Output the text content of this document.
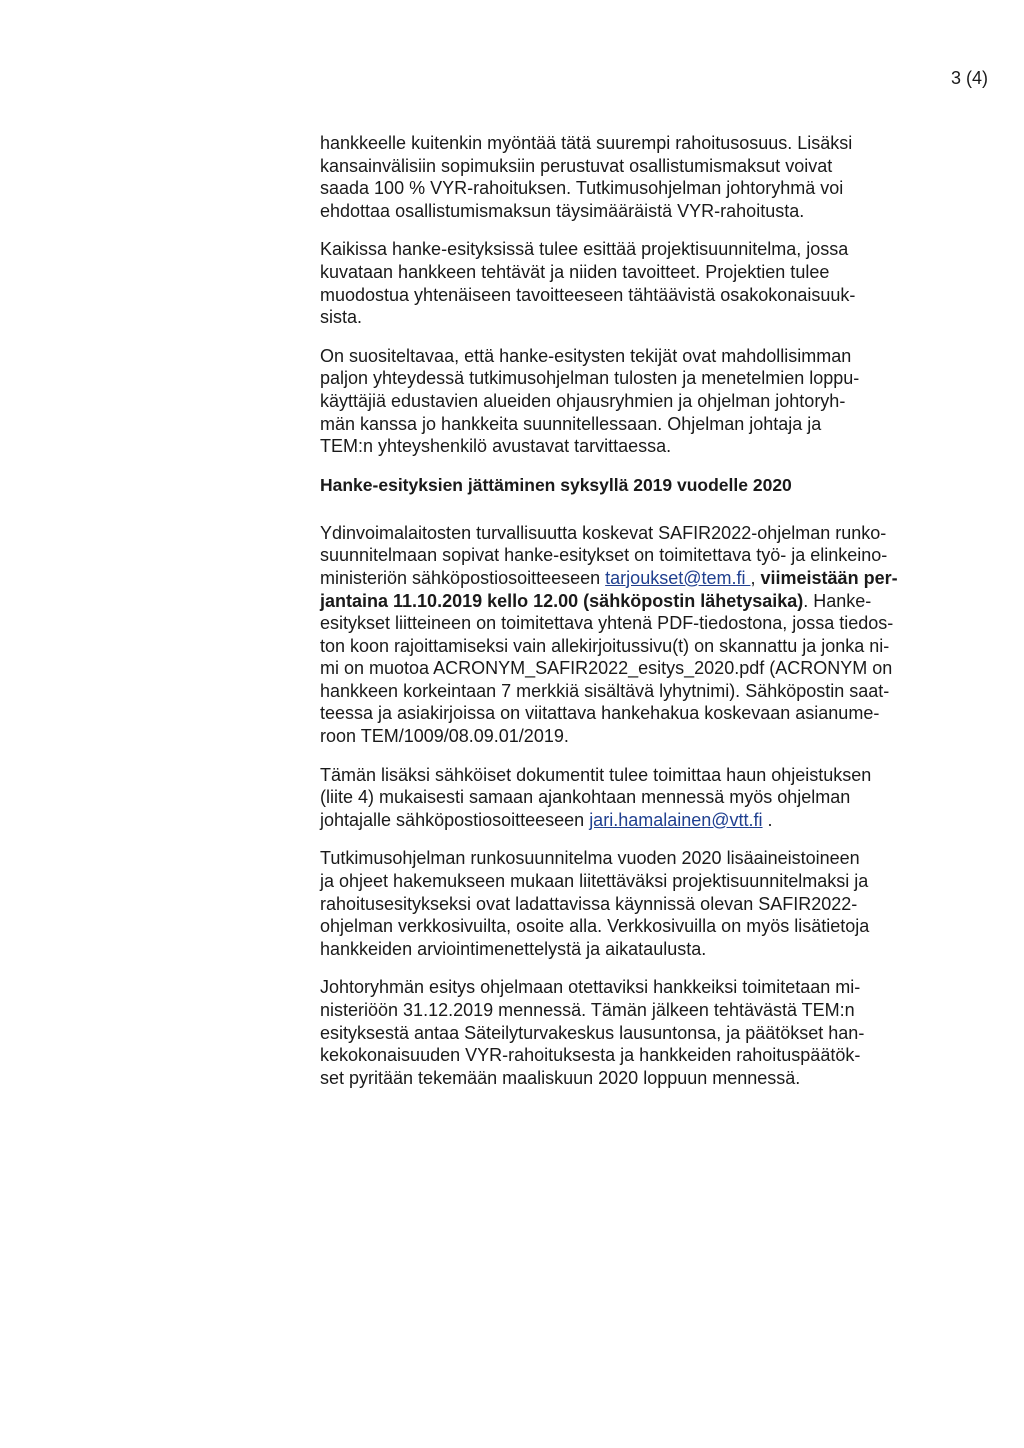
3 (4)

hankkeelle kuitenkin myöntää tätä suurempi rahoitusosuus. Lisäksi
kansainvälisiin sopimuksiin perustuvat osallistumismaksut voivat
saada 100 % VYR-rahoituksen. Tutkimusohjelman johtoryhmä voi
ehdottaa osallistumismaksun täysimääräistä VYR-rahoitusta.

Kaikissa hanke-esityksissä tulee esittää projektisuunnitelma, jossa
kuvataan hankkeen tehtävät ja niiden tavoitteet. Projektien tulee
muodostua yhtenäiseen tavoitteeseen tähtäävistä osakokonaisuuk-
sista.

On suositeltavaa, että hanke-esitysten tekijät ovat mahdollisimman
paljon yhteydessä tutkimusohjelman tulosten ja menetelmien loppu-
käyttäjiä edustavien alueiden ohjausryhmien ja ohjelman johtoryh-
män kanssa jo hankkeita suunnitellessaan. Ohjelman johtaja ja
TEM:n yhteyshenkilö avustavat tarvittaessa.

Hanke-esityksien jättäminen syksyllä 2019 vuodelle 2020

Ydinvoimalaitosten turvallisuutta koskevat SAFIR2022-ohjelman runko-
suunnitelmaan sopivat hanke-esitykset on toimitettava työ- ja elinkeino-
ministeriön sähköpostiosoitteeseen tarjoukset@tem.fi , viimeistään per-
jantaina 11.10.2019 kello 12.00 (sähköpostin lähetysaika). Hanke-
esitykset liitteineen on toimitettava yhtenä PDF-tiedostona, jossa tiedos-
ton koon rajoittamiseksi vain allekirjoitussivu(t) on skannattu ja jonka ni-
mi on muotoa ACRONYM_SAFIR2022_esitys_2020.pdf (ACRONYM on
hankkeen korkeintaan 7 merkkiä sisältävä lyhytnimi). Sähköpostin saat-
teessa ja asiakirjoissa on viitattava hankehakua koskevaan asianume-
roon TEM/1009/08.09.01/2019.

Tämän lisäksi sähköiset dokumentit tulee toimittaa haun ohjeistuksen
(liite 4) mukaisesti samaan ajankohtaan mennessä myös ohjelman
johtajalle sähköpostiosoitteeseen jari.hamalainen@vtt.fi .

Tutkimusohjelman runkosuunnitelma vuoden 2020 lisäaineistoineen
ja ohjeet hakemukseen mukaan liitettäväksi projektisuunnitelmaksi ja
rahoitusesitykseksi ovat ladattavissa käynnissä olevan SAFIR2022-
ohjelman verkkosivuilta, osoite alla. Verkkosivuilla on myös lisätietoja
hankkeiden arviointimenettelystä ja aikataulusta.

Johtoryhmän esitys ohjelmaan otettaviksi hankkeiksi toimitetaan mi-
nisteriöön 31.12.2019 mennessä. Tämän jälkeen tehtävästä TEM:n
esityksestä antaa Säteilyturvakeskus lausuntonsa, ja päätökset han-
kekokonaisuuden VYR-rahoituksesta ja hankkeiden rahoituspäätök-
set pyritään tekemään maaliskuun 2020 loppuun mennessä.
